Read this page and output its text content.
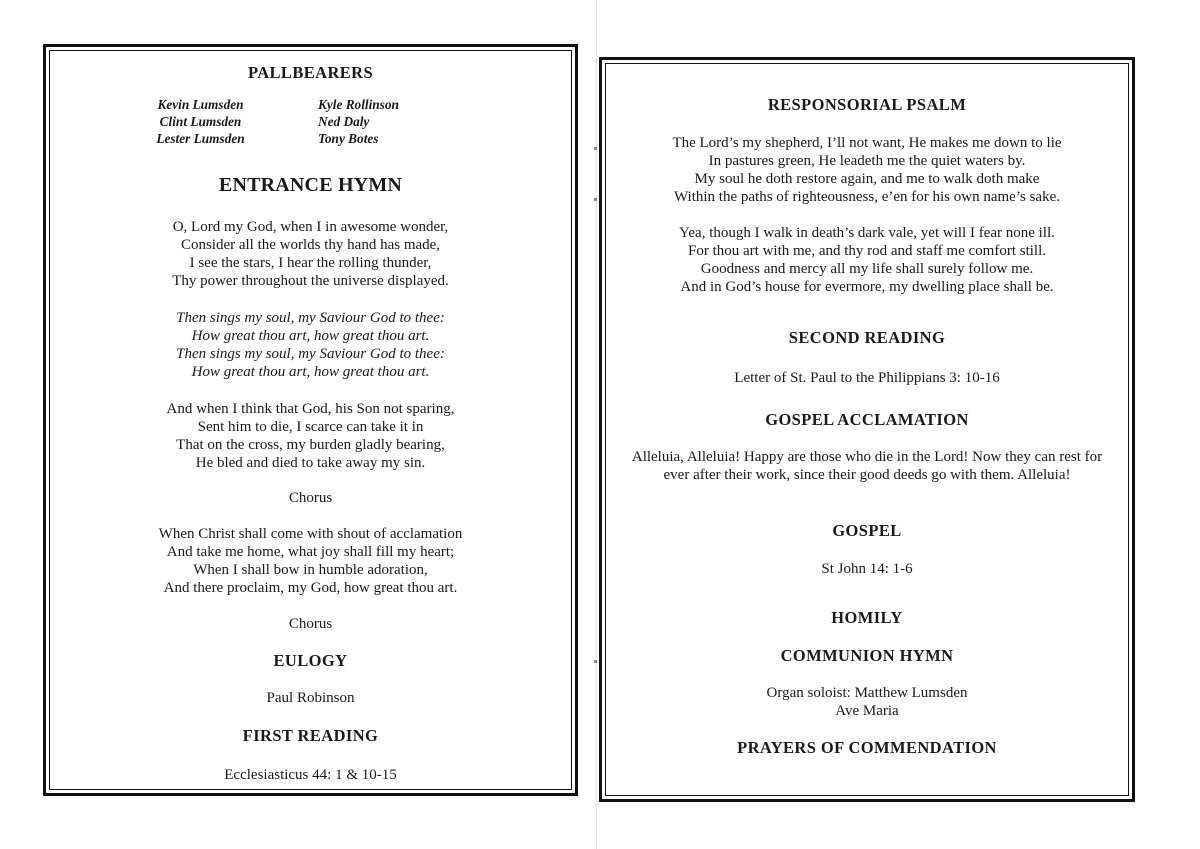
PALLBEARERS
Kevin Lumsden
Clint Lumsden
Lester Lumsden
Kyle Rollinson
Ned Daly
Tony Botes
ENTRANCE HYMN
O, Lord my God, when I in awesome wonder,
Consider all the worlds thy hand has made,
I see the stars, I hear the rolling thunder,
Thy power throughout the universe displayed.
Then sings my soul, my Saviour God to thee:
How great thou art, how great thou art.
Then sings my soul, my Saviour God to thee:
How great thou art, how great thou art.
And when I think that God, his Son not sparing,
Sent him to die, I scarce can take it in
That on the cross, my burden gladly bearing,
He bled and died to take away my sin.
Chorus
When Christ shall come with shout of acclamation
And take me home, what joy shall fill my heart;
When I shall bow in humble adoration,
And there proclaim, my God, how great thou art.
Chorus
EULOGY
Paul Robinson
FIRST READING
Ecclesiasticus 44: 1 & 10-15
RESPONSORIAL PSALM
The Lord’s my shepherd, I’ll not want, He makes me down to lie
In pastures green, He leadeth me the quiet waters by.
My soul he doth restore again, and me to walk doth make
Within the paths of righteousness, e’en for his own name’s sake.
Yea, though I walk in death’s dark vale, yet will I fear none ill.
For thou art with me, and thy rod and staff me comfort still.
Goodness and mercy all my life shall surely follow me.
And in God’s house for evermore, my dwelling place shall be.
SECOND READING
Letter of St. Paul to the Philippians 3: 10-16
GOSPEL ACCLAMATION
Alleluia, Alleluia! Happy are those who die in the Lord! Now they can rest for
ever after their work, since their good deeds go with them. Alleluia!
GOSPEL
St John 14: 1-6
HOMILY
COMMUNION HYMN
Organ soloist: Matthew Lumsden
Ave Maria
PRAYERS OF COMMENDATION
